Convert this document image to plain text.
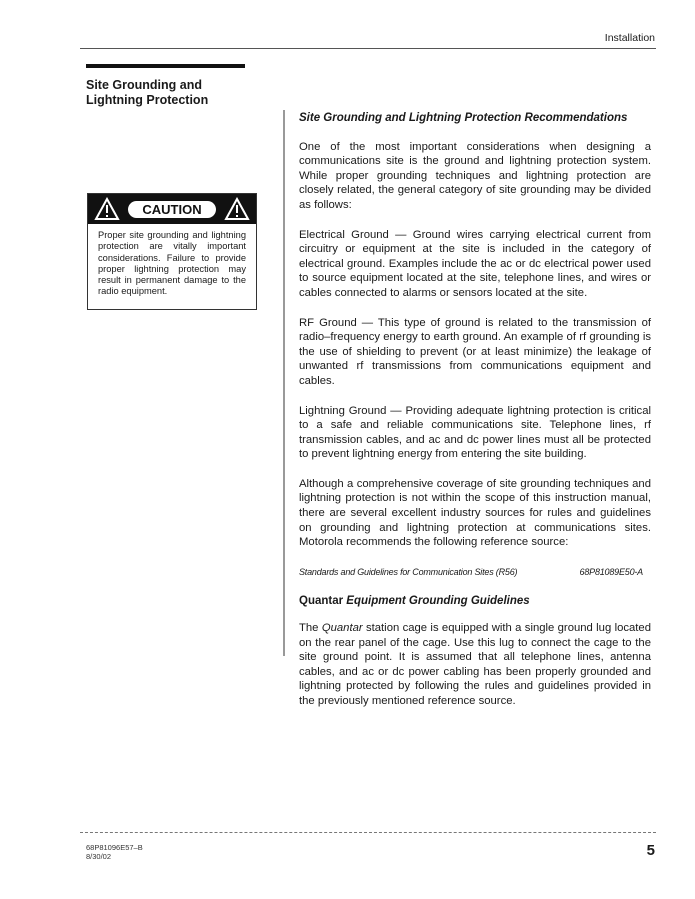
Installation
Site Grounding and Lightning Protection
CAUTION
Proper site grounding and lightning protection are vitally important considerations. Failure to provide proper lightning protection may result in permanent damage to the radio equipment.
Site Grounding and Lightning Protection Recommendations
One of the most important considerations when designing a communications site is the ground and lightning protection system. While proper grounding techniques and lightning protection are closely related, the general category of site grounding may be divided as follows:
Electrical Ground — Ground wires carrying electrical current from circuitry or equipment at the site is included in the category of electrical ground. Examples include the ac or dc electrical power used to source equipment located at the site, telephone lines, and wires or cables connected to alarms or sensors located at the site.
RF Ground — This type of ground is related to the transmission of radio–frequency energy to earth ground. An example of rf grounding is the use of shielding to prevent (or at least minimize) the leakage of unwanted rf transmissions from communications equipment and cables.
Lightning Ground — Providing adequate lightning protection is critical to a safe and reliable communications site. Telephone lines, rf transmission cables, and ac and dc power lines must all be protected to prevent lightning energy from entering the site building.
Although a comprehensive coverage of site grounding techniques and lightning protection is not within the scope of this instruction manual, there are several excellent industry sources for rules and guidelines on grounding and lightning protection at communications sites. Motorola recommends the following reference source:
Standards and Guidelines for Communication Sites (R56)	68P81089E50-A
Quantar Equipment Grounding Guidelines
The Quantar station cage is equipped with a single ground lug located on the rear panel of the cage. Use this lug to connect the cage to the site ground point. It is assumed that all telephone lines, antenna cables, and ac or dc power cabling has been properly grounded and lightning protected by following the rules and guidelines provided in the previously mentioned reference source.
68P81096E57–B
8/30/02	5
